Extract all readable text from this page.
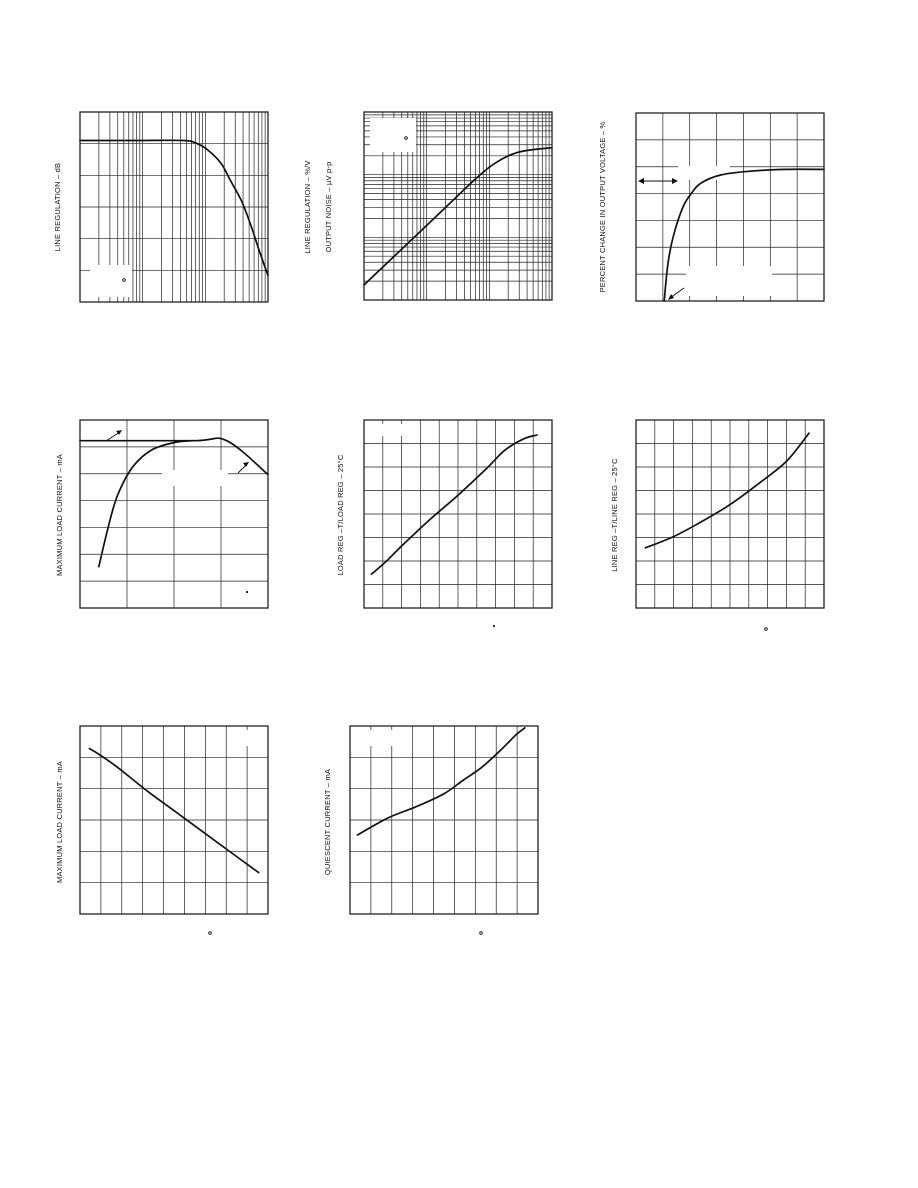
LINE REGULATION – dB	LINE REGULATION – %/V OUTPUT NOISE – µV p-p	PERCENT CHANGE IN OUTPUT VOLTAGE – %
MAXIMUM LOAD CURRENT – mA	LOAD REG –T/LOAD REG – 25°C	LINE REG –T/LINE REG – 25°C
MAXIMUM LOAD CURRENT – mA	QUIESCENT CURRENT – mA
